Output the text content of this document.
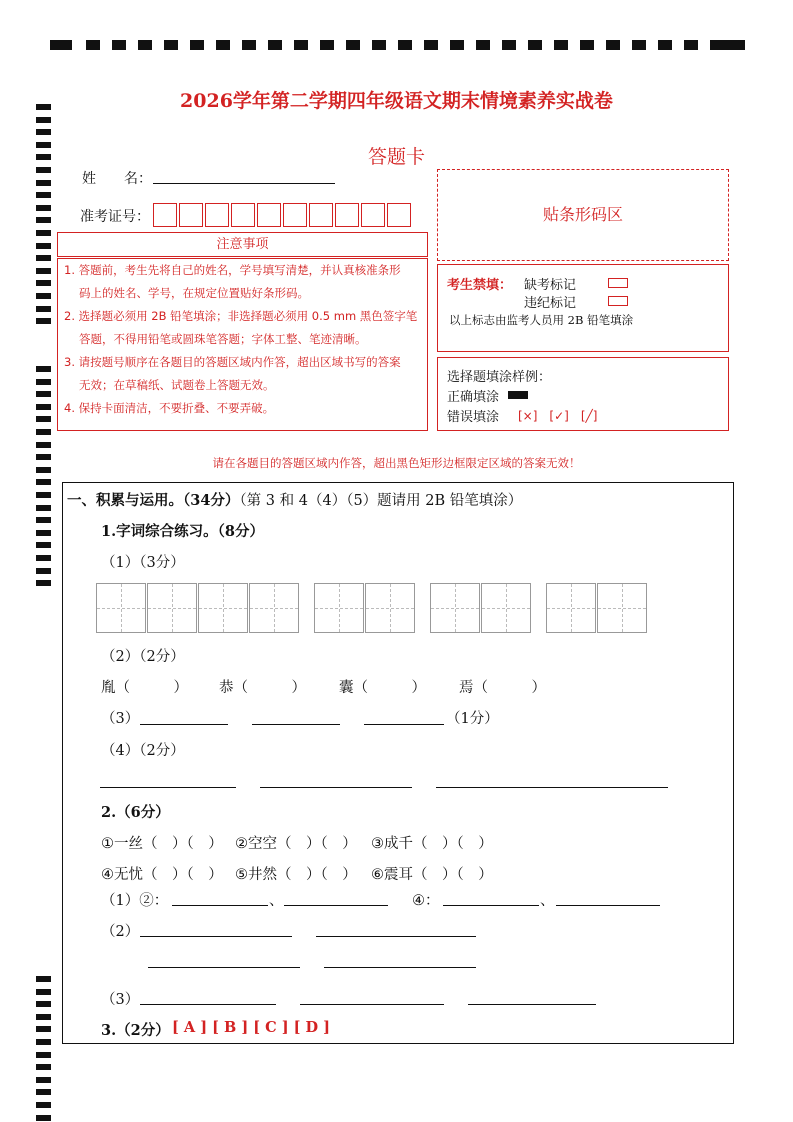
2026学年第二学期四年级语文期末情境素养实战卷
答题卡
姓　　名：
准考证号：	贴条形码区
注意事项

1. 答题前，考生先将自己的姓名，学号填写清楚，并认真核准条形

码上的姓名、学号，在规定位置贴好条形码。

2. 选择题必须用 2B 铅笔填涂；非选择题必须用 0.5 mm 黑色签字笔

答题，不得用铅笔或圆珠笔答题；字体工整、笔迹清晰。

3. 请按题号顺序在各题目的答题区域内作答，超出区域书写的答案

无效；在草稿纸、试题卷上答题无效。

4. 保持卡面清洁，不要折叠、不要弄破。

考生禁填： 缺考标记
违纪标记
以上标志由监考人员用 2B 铅笔填涂
选择题填涂样例：
正确填涂
错误填涂 [×]　[✓]　[╱]
请在各题目的答题区域内作答，超出黑色矩形边框限定区域的答案无效！
一、积累与运用。（34分）（第 3 和 4（4）（5）题请用 2B 铅笔填涂）
1.字词综合练习。（8分）
（1）（3分）
（2）（2分）
胤（　　　） 恭（　　　） 囊（　　　） 焉（　　　）
（3）	（1分）
（4）（2分）
2.（6分）
①一丝（　）（　） ②空空（　）（　） ③成千（　）（　）
④无忧（　）（　） ⑤井然（　）（　） ⑥震耳（　）（　）
（1）②：	、	④：	、
（2）
（3）
3.（2分） [ A ] [ B ] [ C ] [ D ]
